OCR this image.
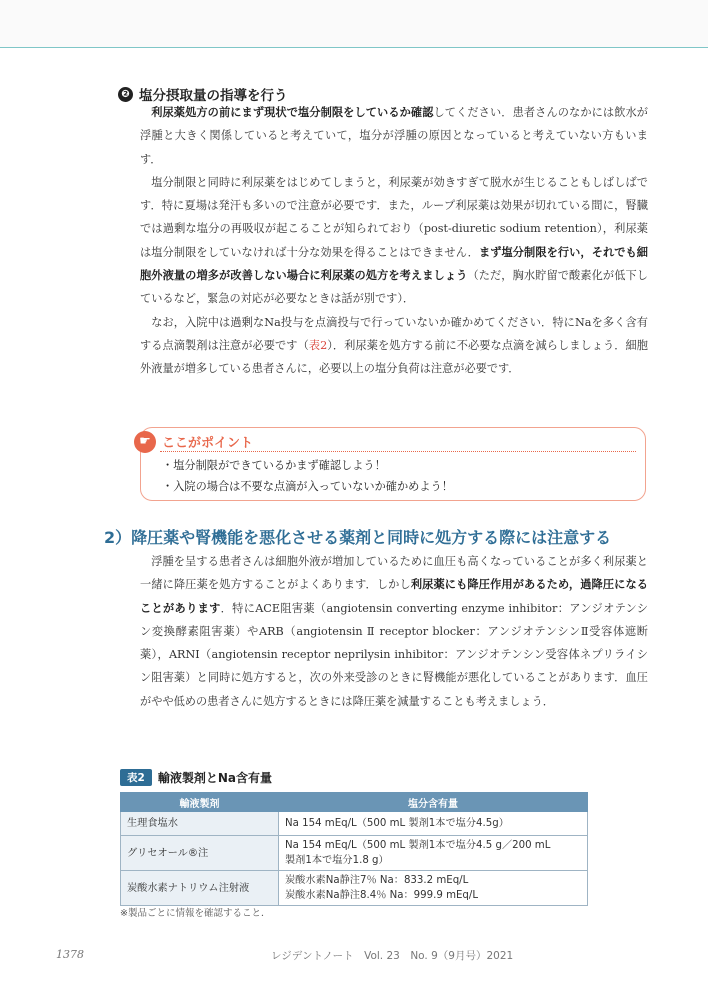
❷ 塩分摂取量の指導を行う

利尿薬処方の前にまず現状で塩分制限をしているか確認してください．患者さんのなかには飲水が浮腫と大きく関係していると考えていて，塩分が浮腫の原因となっていると考えていない方もいます．

塩分制限と同時に利尿薬をはじめてしまうと，利尿薬が効きすぎて脱水が生じることもしばしばです．特に夏場は発汗も多いので注意が必要です．また，ループ利尿薬は効果が切れている間に，腎臓では過剰な塩分の再吸収が起こることが知られており（post-diuretic sodium retention），利尿薬は塩分制限をしていなければ十分な効果を得ることはできません．まず塩分制限を行い，それでも細胞外液量の増多が改善しない場合に利尿薬の処方を考えましょう（ただ，胸水貯留で酸素化が低下しているなど，緊急の対応が必要なときは話が別です）．

なお，入院中は過剰なNa投与を点滴投与で行っていないか確かめてください．特にNaを多く含有する点滴製剤は注意が必要です（表2）．利尿薬を処方する前に不必要な点滴を減らしましょう．細胞外液量が増多している患者さんに，必要以上の塩分負荷は注意が必要です．

☛ ここがポイント
・塩分制限ができているかまず確認しよう！
・入院の場合は不要な点滴が入っていないか確かめよう！
2）降圧薬や腎機能を悪化させる薬剤と同時に処方する際には注意する

浮腫を呈する患者さんは細胞外液が増加しているために血圧も高くなっていることが多く利尿薬と一緒に降圧薬を処方することがよくあります．しかし利尿薬にも降圧作用があるため，過降圧になることがあります．特にACE阻害薬（angiotensin converting enzyme inhibitor：アンジオテンシン変換酵素阻害薬）やARB（angiotensin Ⅱ receptor blocker：アンジオテンシンⅡ受容体遮断薬），ARNI（angiotensin receptor neprilysin inhibitor：アンジオテンシン受容体ネプリライシン阻害薬）と同時に処方すると，次の外来受診のときに腎機能が悪化していることがあります．血圧がやや低めの患者さんに処方するときには降圧薬を減量することも考えましょう．

表2	輸液製剤とNa含有量
輸液製剤	塩分含有量
生理食塩水	Na 154 mEq/L（500 mL 製剤1本で塩分4.5g）

グリセオール®注	Na 154 mEq/L（500 mL 製剤1本で塩分4.5 g／200 mL
製剤1本で塩分1.8 g）

炭酸水素ナトリウム注射液	炭酸水素Na静注7％ Na：833.2 mEq/L
炭酸水素Na静注8.4％ Na：999.9 mEq/L
※製品ごとに情報を確認すること．
1378	レジデントノート　Vol. 23　No. 9（9月号）2021
